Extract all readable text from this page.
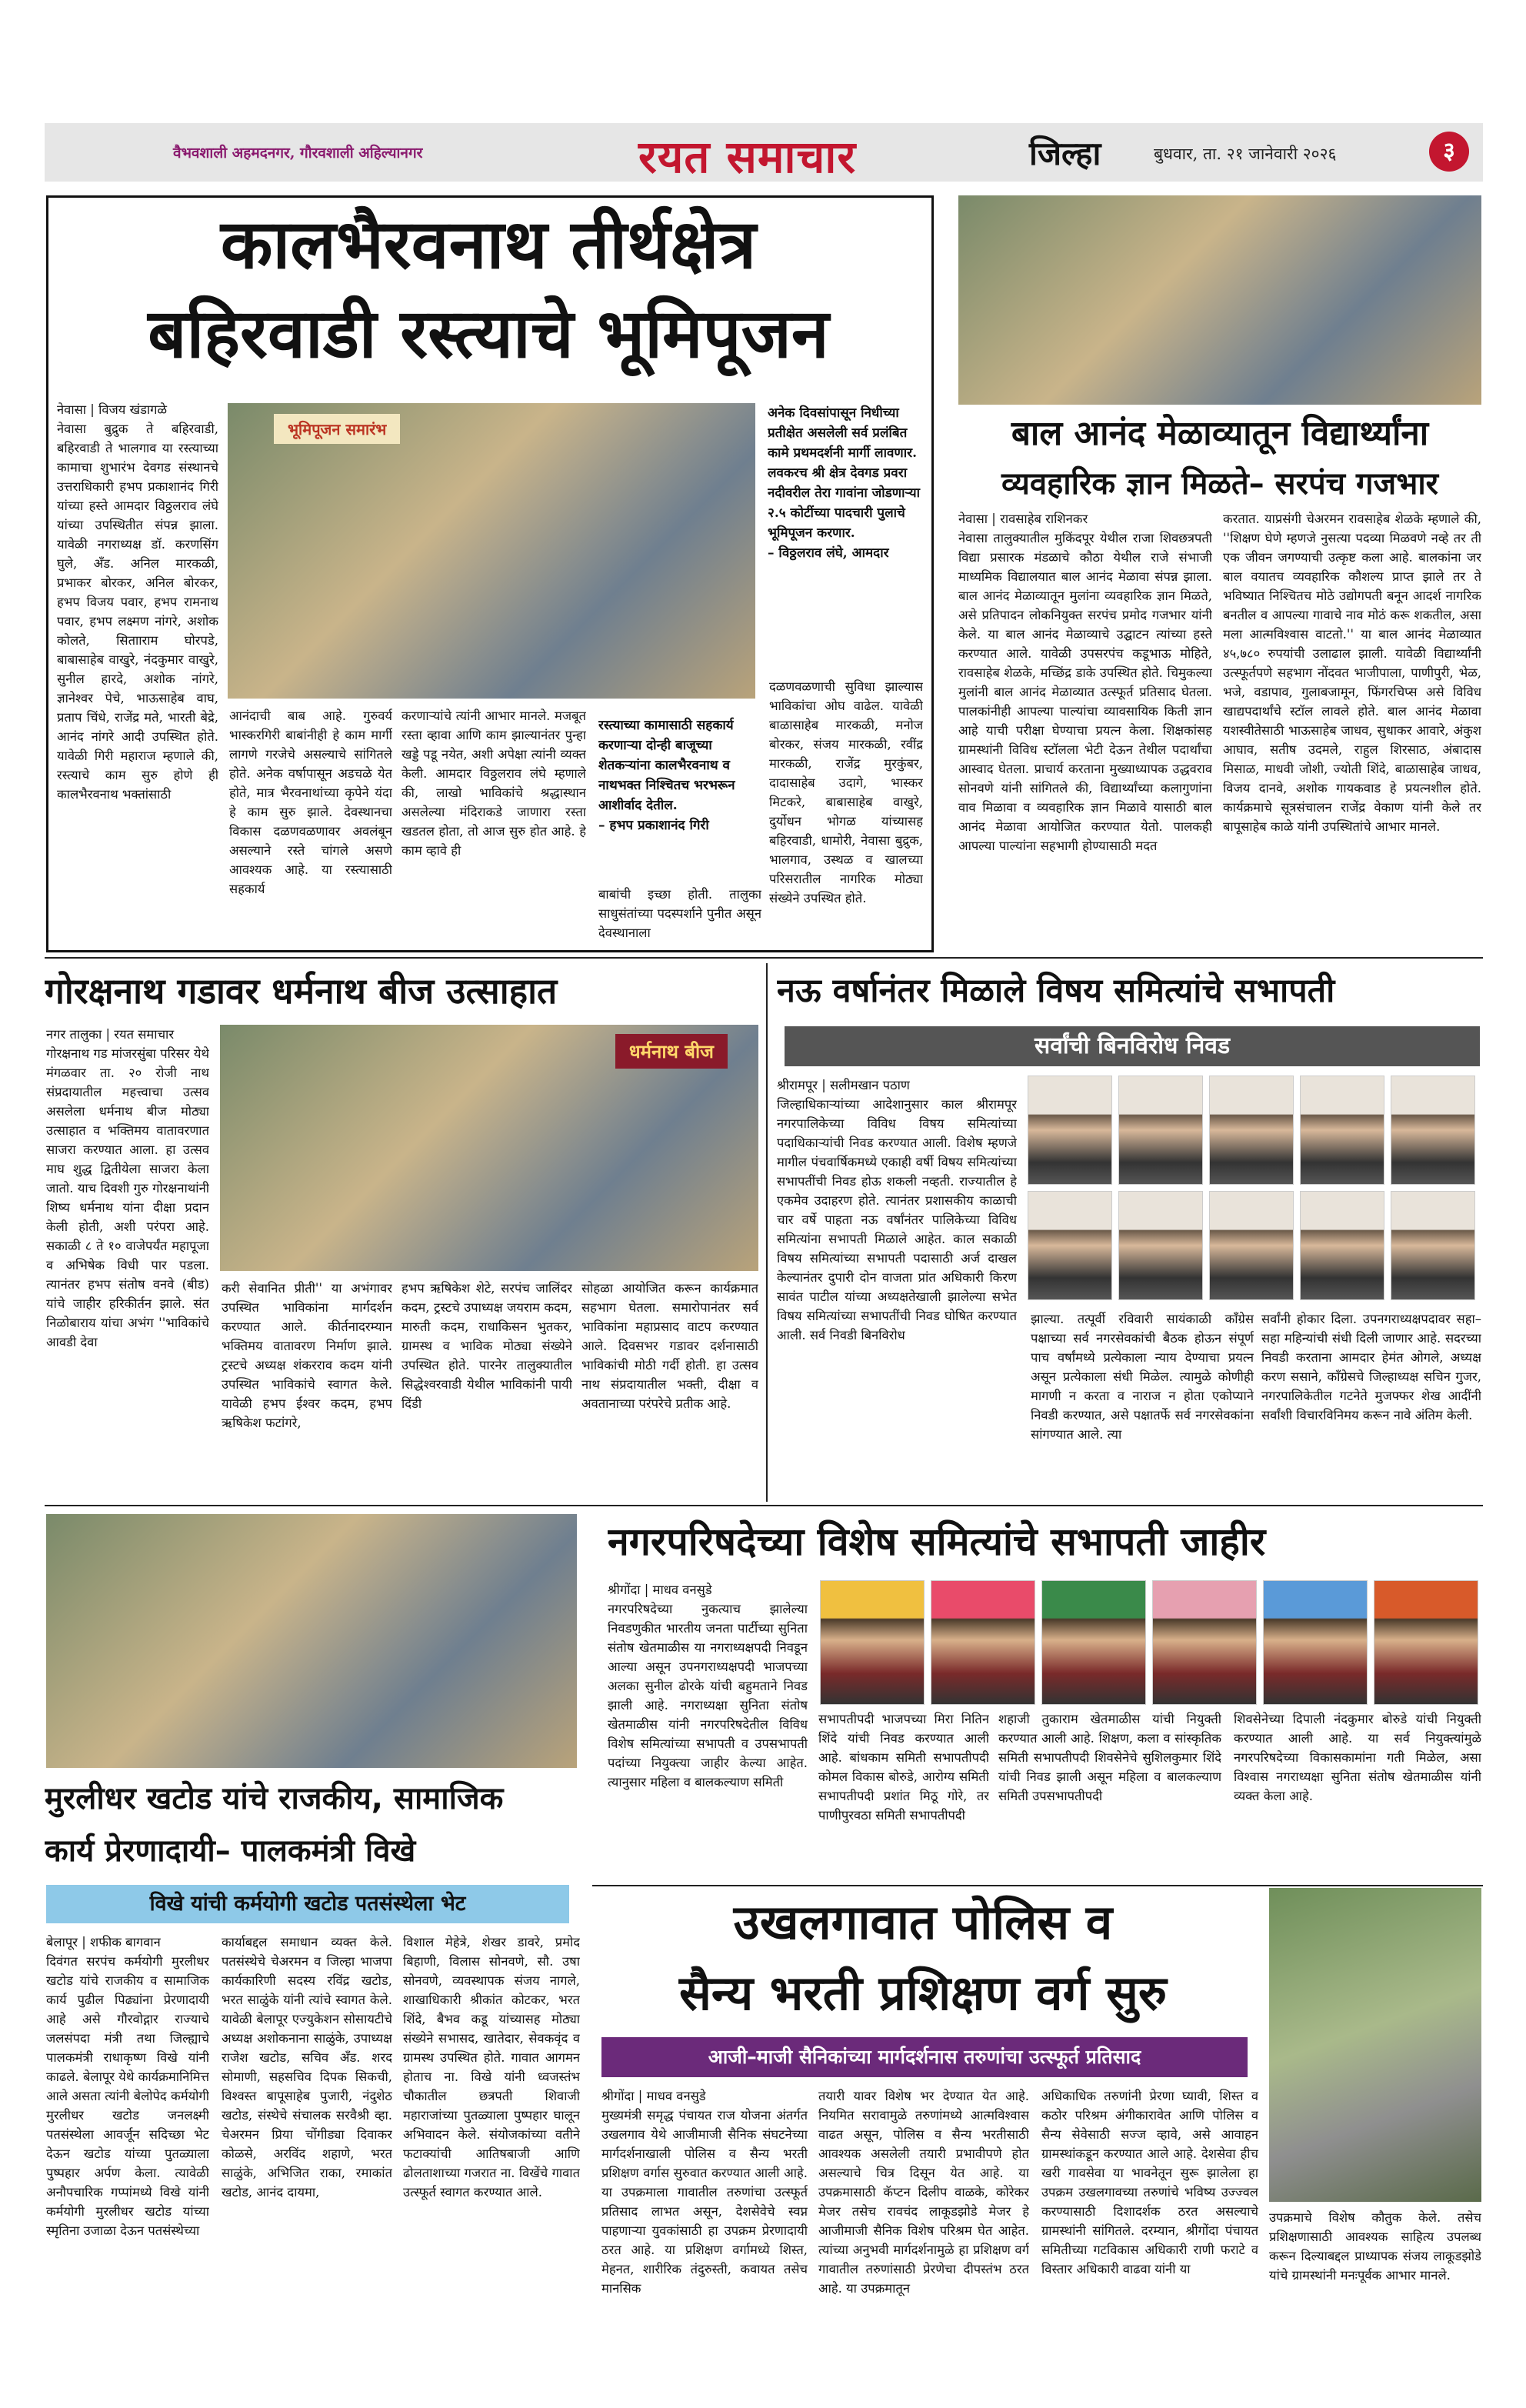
वैभवशाली अहमदनगर, गौरवशाली अहिल्यानगर	रयत समाचार	जिल्हा	बुधवार, ता. २१ जानेवारी २०२६	३
कालभैरवनाथ तीर्थक्षेत्र
बहिरवाडी रस्त्याचे भूमिपूजन
नेवासा | विजय खंडागळे
नेवासा बुद्रुक ते बहिरवाडी, बहिरवाडी ते भालगाव या रस्त्याच्या कामाचा शुभारंभ देवगड संस्थानचे उत्तराधिकारी हभप प्रकाशानंद गिरी यांच्या हस्ते आमदार विठ्ठलराव लंघे यांच्या उपस्थितीत संपन्न झाला. यावेळी नगराध्यक्ष डॉ. करणसिंग घुले, अँड. अनिल मारकळी, प्रभाकर बोरकर, अनिल बोरकर, हभप विजय पवार, हभप रामनाथ पवार, हभप लक्ष्मण नांगरे, अशोक कोलते, सितााराम घोरपडे, बाबासाहेब वाखुरे, नंदकुमार वाखुरे, सुनील हारदे, अशोक नांगरे, ज्ञानेश्वर पेचे, भाऊसाहेब वाघ, प्रताप चिंधे, राजेंद्र मते, भारती बेद्रे, आनंद नांगरे आदी उपस्थित होते. यावेळी गिरी महाराज म्हणाले की, रस्त्याचे काम सुरु होणे ही कालभैरवनाथ भक्तांसाठी
भूमिपूजन समारंभ
अनेक दिवसांपासून निधीच्या प्रतीक्षेत असलेली सर्व प्रलंबित कामे प्रथमदर्शनी मार्गी लावणार. लवकरच श्री क्षेत्र देवगड प्रवरा नदीवरील तेरा गावांना जोडणाऱ्या २.५ कोटींच्या पादचारी पुलाचे भूमिपूजन करणार.
– विठ्ठलराव लंघे, आमदार
आनंदाची बाब आहे. गुरुवर्य भास्करगिरी बाबांनीही हे काम मार्गी लागणे गरजेचे असल्याचे सांगितले होते. अनेक वर्षापासून अडचळे येत होते, मात्र भैरवनाथांच्या कृपेने यंदा हे काम सुरु झाले. देवस्थानचा विकास दळणवळणावर अवलंबून असल्याने रस्ते चांगले असणे आवश्यक आहे. या रस्त्यासाठी सहकार्य
करणाऱ्यांचे त्यांनी आभार मानले. मजबूत रस्ता व्हावा आणि काम झाल्यानंतर पुन्हा खड्डे पडू नयेत, अशी अपेक्षा त्यांनी व्यक्त केली. आमदार विठ्ठलराव लंघे म्हणाले की, लाखो भाविकांचे श्रद्धास्थान असलेल्या मंदिराकडे जाणारा रस्ता खडतल होता, तो आज सुरु होत आहे. हे काम व्हावे ही
रस्त्याच्या कामासाठी सहकार्य करणाऱ्या दोन्ही बाजूच्या शेतकऱ्यांना कालभैरवनाथ व नाथभक्त निश्चितच भरभरून आशीर्वाद देतील.
– हभप प्रकाशानंद गिरी
बाबांची इच्छा होती. तालुका साधुसंतांच्या पदस्पर्शाने पुनीत असून देवस्थानाला
दळणवळणाची सुविधा झाल्यास भाविकांचा ओघ वाढेल. यावेळी बाळासाहेब मारकळी, मनोज बोरकर, संजय मारकळी, रवींद्र मारकळी, राजेंद्र मुरकुंबर, दादासाहेब उदागे, भास्कर मिटकरे, बाबासाहेब वाखुरे, दुर्योधन भोगळ यांच्यासह बहिरवाडी, धामोरी, नेवासा बुद्रुक, भालगाव, उस्थळ व खालच्या परिसरातील नागरिक मोठ्या संख्येने उपस्थित होते.
बाल आनंद मेळाव्यातून विद्यार्थ्यांना
व्यवहारिक ज्ञान मिळते– सरपंच गजभार
नेवासा | रावसाहेब राशिनकर
नेवासा तालुक्यातील मुकिंदपूर येथील राजा शिवछत्रपती विद्या प्रसारक मंडळाचे कौठा येथील राजे संभाजी माध्यमिक विद्यालयात बाल आनंद मेळावा संपन्न झाला. बाल आनंद मेळाव्यातून मुलांना व्यवहारिक ज्ञान मिळते, असे प्रतिपादन लोकनियुक्त सरपंच प्रमोद गजभार यांनी केले. या बाल आनंद मेळाव्याचे उद्घाटन त्यांच्या हस्ते करण्यात आले. यावेळी उपसरपंच कडूभाऊ मोहिते, रावसाहेब शेळके, मच्छिंद्र डाके उपस्थित होते. चिमुकल्या मुलांनी बाल आनंद मेळाव्यात उत्स्फूर्त प्रतिसाद घेतला. पालकांनीही आपल्या पाल्यांचा व्यावसायिक किती ज्ञान आहे याची परीक्षा घेण्याचा प्रयत्न केला. शिक्षकांसह ग्रामस्थांनी विविध स्टॉलला भेटी देऊन तेथील पदार्थांचा आस्वाद घेतला. प्राचार्य करताना मुख्याध्यापक उद्धवराव सोनवणे यांनी सांगितले की, विद्यार्थ्यांच्या कलागुणांना वाव मिळावा व व्यवहारिक ज्ञान मिळावे यासाठी बाल आनंद मेळावा आयोजित करण्यात येतो. पालकही आपल्या पाल्यांना सहभागी होण्यासाठी मदत
करतात. याप्रसंगी चेअरमन रावसाहेब शेळके म्हणाले की, ''शिक्षण घेणे म्हणजे नुसत्या पदव्या मिळवणे नव्हे तर ती एक जीवन जगण्याची उत्कृष्ट कला आहे. बालकांना जर बाल वयातच व्यवहारिक कौशल्य प्राप्त झाले तर ते भविष्यात निश्चितच मोठे उद्योगपती बनून आदर्श नागरिक बनतील व आपल्या गावाचे नाव मोठं करू शकतील, असा मला आत्मविश्वास वाटतो.'' या बाल आनंद मेळाव्यात ४५,७८० रुपयांची उलाढाल झाली. यावेळी विद्यार्थ्यांनी उत्स्फूर्तपणे सहभाग नोंदवत भाजीपाला, पाणीपुरी, भेळ, भजे, वडापाव, गुलाबजामून, फिंगरचिप्स असे विविध खाद्यपदार्थांचे स्टॉल लावले होते. बाल आनंद मेळावा यशस्वीतेसाठी भाऊसाहेब जाधव, सुधाकर आवारे, अंकुश आघाव, सतीष उदमले, राहुल शिरसाठ, अंबादास मिसाळ, माधवी जोशी, ज्योती शिंदे, बाळासाहेब जाधव, विजय दानवे, अशोक गायकवाड हे प्रयत्नशील होते. कार्यक्रमाचे सूत्रसंचालन राजेंद्र वेकाण यांनी केले तर बापूसाहेब काळे यांनी उपस्थितांचे आभार मानले.
गोरक्षनाथ गडावर धर्मनाथ बीज उत्साहात
नगर तालुका | रयत समाचार
गोरक्षनाथ गड मांजरसुंबा परिसर येथे मंगळवार ता. २० रोजी नाथ संप्रदायातील महत्त्वाचा उत्सव असलेला धर्मनाथ बीज मोठ्या उत्साहात व भक्तिमय वातावरणात साजरा करण्यात आला. हा उत्सव माघ शुद्ध द्वितीयेला साजरा केला जातो. याच दिवशी गुरु गोरक्षनाथांनी शिष्य धर्मनाथ यांना दीक्षा प्रदान केली होती, अशी परंपरा आहे. सकाळी ८ ते १० वाजेपर्यंत महापूजा व अभिषेक विधी पार पडला. त्यानंतर हभप संतोष वनवे (बीड) यांचे जाहीर हरिकीर्तन झाले. संत निळोबाराय यांचा अभंग ''भाविकांचे आवडी देवा
धर्मनाथ बीज
करी सेवानित प्रीती'' या अभंगावर उपस्थित भाविकांना मार्गदर्शन करण्यात आले. कीर्तनादरम्यान भक्तिमय वातावरण निर्माण झाले. ट्रस्टचे अध्यक्ष शंकरराव कदम यांनी उपस्थित भाविकांचे स्वागत केले. यावेळी हभप ईश्वर कदम, हभप ऋषिकेश फटांगरे,
हभप ऋषिकेश शेटे, सरपंच जालिंदर कदम, ट्रस्टचे उपाध्यक्ष जयराम कदम, मारुती कदम, राधाकिसन भुतकर, ग्रामस्थ व भाविक मोठ्या संख्येने उपस्थित होते. पारनेर तालुक्यातील सिद्धेश्वरवाडी येथील भाविकांनी पायी दिंडी
सोहळा आयोजित करून कार्यक्रमात सहभाग घेतला. समारोपानंतर सर्व भाविकांना महाप्रसाद वाटप करण्यात आले. दिवसभर गडावर दर्शनासाठी भाविकांची मोठी गर्दी होती. हा उत्सव नाथ संप्रदायातील भक्ती, दीक्षा व अवतानाच्या परंपरेचे प्रतीक आहे.
नऊ वर्षानंतर मिळाले विषय समित्यांचे सभापती
सर्वांची बिनविरोध निवड
श्रीरामपूर | सलीमखान पठाण
जिल्हाधिकाऱ्यांच्या आदेशानुसार काल श्रीरामपूर नगरपालिकेच्या विविध विषय समित्यांच्या पदाधिकाऱ्यांची निवड करण्यात आली. विशेष म्हणजे मागील पंचवार्षिकमध्ये एकाही वर्षी विषय समित्यांच्या सभापतींची निवड होऊ शकली नव्हती. राज्यातील हे एकमेव उदाहरण होते. त्यानंतर प्रशासकीय काळाची चार वर्षे पाहता नऊ वर्षांनंतर पालिकेच्या विविध समित्यांना सभापती मिळाले आहेत. काल सकाळी विषय समित्यांच्या सभापती पदासाठी अर्ज दाखल केल्यानंतर दुपारी दोन वाजता प्रांत अधिकारी किरण सावंत पाटील यांच्या अध्यक्षतेखाली झालेल्या सभेत विषय समित्यांच्या सभापतींची निवड घोषित करण्यात आली. सर्व निवडी बिनविरोध
झाल्या. तत्पूर्वी रविवारी सायंकाळी काँग्रेस पक्षाच्या सर्व नगरसेवकांची बैठक होऊन संपूर्ण पाच वर्षांमध्ये प्रत्येकाला न्याय देण्याचा प्रयत्न असून प्रत्येकाला संधी मिळेल. त्यामुळे कोणीही मागणी न करता व नाराज न होता एकोप्याने निवडी करण्यात, असे पक्षातर्फे सर्व नगरसेवकांना सांगण्यात आले. त्या
सर्वांनी होकार दिला. उपनगराध्यक्षपदावर सहा–सहा महिन्यांची संधी दिली जाणार आहे. सदरच्या निवडी करताना आमदार हेमंत ओगले, अध्यक्ष करण ससाने, काँग्रेसचे जिल्हाध्यक्ष सचिन गुजर, नगरपालिकेतील गटनेते मुजफ्फर शेख आदींनी सर्वांशी विचारविनिमय करून नावे अंतिम केली.
मुरलीधर खटोड यांचे राजकीय, सामाजिक
कार्य प्रेरणादायी– पालकमंत्री विखे
विखे यांची कर्मयोगी खटोड पतसंस्थेला भेट
बेलापूर | शफीक बागवान
दिवंगत सरपंच कर्मयोगी मुरलीधर खटोड यांचे राजकीय व सामाजिक कार्य पुढील पिढ्यांना प्रेरणादायी आहे असे गौरवोद्गार राज्याचे जलसंपदा मंत्री तथा जिल्ह्याचे पालकमंत्री राधाकृष्ण विखे यांनी काढले. बेलापूर येथे कार्यक्रमानिमित्त आले असता त्यांनी बेलोपेद कर्मयोगी मुरलीधर खटोड जनलक्ष्मी पतसंस्थेला आवर्जून सदिच्छा भेट देऊन खटोड यांच्या पुतळ्याला पुष्पहार अर्पण केला. त्यावेळी अनौपचारिक गप्पांमध्ये विखे यांनी कर्मयोगी मुरलीधर खटोड यांच्या स्मृतिना उजाळा देऊन पतसंस्थेच्या
कार्याबद्दल समाधान व्यक्त केले. पतसंस्थेचे चेअरमन व जिल्हा भाजपा कार्यकारिणी सदस्य रविंद्र खटोड, भरत साळुंके यांनी त्यांचे स्वागत केले. यावेळी बेलापूर एज्युकेशन सोसायटीचे अध्यक्ष अशोकनाना साळुंके, उपाध्यक्ष राजेश खटोड, सचिव अँड. शरद सोमाणी, सहसचिव दिपक सिकची, विश्वस्त बापूसाहेब पुजारी, नंदुशेठ खटोड, संस्थेचे संचालक सरवैश्री व्हा. चेअरमन प्रिया चोंगीड्या दिवाकर कोळसे, अरविंद शहाणे, भरत साळुंके, अभिजित राका, रमाकांत खटोड, आनंद दायमा,
विशाल मेहेत्रे, शेखर डावरे, प्रमोद बिहाणी, विलास सोनवणे, सौ. उषा सोनवणे, व्यवस्थापक संजय नागले, शाखाधिकारी श्रीकांत कोटकर, भरत शिंदे, बैभव कडू यांच्यासह मोठ्या संख्येने सभासद, खातेदार, सेवकवृंद व ग्रामस्थ उपस्थित होते. गावात आगमन होताच ना. विखे यांनी ध्वजस्तंभ चौकातील छत्रपती शिवाजी महाराजांच्या पुतळ्याला पुष्पहार घालून अभिवादन केले. संयोजकांच्या वतीने फटाक्यांची आतिषबाजी आणि ढोलताशाच्या गजरात ना. विखेंचे गावात उत्स्फूर्त स्वागत करण्यात आले.
नगरपरिषदेच्या विशेष समित्यांचे सभापती जाहीर
श्रीगोंदा | माधव वनसुडे
नगरपरिषदेच्या नुकत्याच झालेल्या निवडणुकीत भारतीय जनता पार्टीच्या सुनिता संतोष खेतमाळीस या नगराध्यक्षपदी निवडून आल्या असून उपनगराध्यक्षपदी भाजपच्या अलका सुनील ढोरके यांची बहुमताने निवड झाली आहे. नगराध्यक्षा सुनिता संतोष खेतमाळीस यांनी नगरपरिषदेतील विविध विशेष समित्यांच्या सभापती व उपसभापती पदांच्या नियुक्त्या जाहीर केल्या आहेत. त्यानुसार महिला व बालकल्याण समिती
सभापतीपदी भाजपच्या मिरा नितिन शिंदे यांची निवड करण्यात आली आहे. बांधकाम समिती सभापतीपदी कोमल विकास बोरुडे, आरोग्य समिती सभापतीपदी प्रशांत मिठू गोरे, तर पाणीपुरवठा समिती सभापतीपदी
शहाजी तुकाराम खेतमाळीस यांची नियुक्ती करण्यात आली आहे. शिक्षण, कला व सांस्कृतिक समिती सभापतीपदी शिवसेनेचे सुशिलकुमार शिंदे यांची निवड झाली असून महिला व बालकल्याण समिती उपसभापतीपदी
शिवसेनेच्या दिपाली नंदकुमार बोरुडे यांची नियुक्ती करण्यात आली आहे. या सर्व नियुक्त्यांमुळे नगरपरिषदेच्या विकासकामांना गती मिळेल, असा विश्वास नगराध्यक्षा सुनिता संतोष खेतमाळीस यांनी व्यक्त केला आहे.
उखलगावात पोलिस व
सैन्य भरती प्रशिक्षण वर्ग सुरु
आजी–माजी सैनिकांच्या मार्गदर्शनास तरुणांचा उत्स्फूर्त प्रतिसाद
श्रीगोंदा | माधव वनसुडे
मुख्यमंत्री समृद्ध पंचायत राज योजना अंतर्गत उखलगाव येथे आजीमाजी सैनिक संघटनेच्या मार्गदर्शनाखाली पोलिस व सैन्य भरती प्रशिक्षण वर्गास सुरुवात करण्यात आली आहे. या उपक्रमाला गावातील तरुणांचा उत्स्फूर्त प्रतिसाद लाभत असून, देशसेवेचे स्वप्न पाहणाऱ्या युवकांसाठी हा उपक्रम प्रेरणादायी ठरत आहे. या प्रशिक्षण वर्गामध्ये शिस्त, मेहनत, शारीरिक तंदुरुस्ती, कवायत तसेच मानसिक
तयारी यावर विशेष भर देण्यात येत आहे. नियमित सरावामुळे तरुणांमध्ये आत्मविश्वास वाढत असून, पोलिस व सैन्य भरतीसाठी आवश्यक असलेली तयारी प्रभावीपणे होत असल्याचे चित्र दिसून येत आहे. या उपक्रमासाठी कॅप्टन दिलीप वाळके, कोरेकर मेजर तसेच रावचंद लाकूडझोडे मेजर हे आजीमाजी सैनिक विशेष परिश्रम घेत आहेत. त्यांच्या अनुभवी मार्गदर्शनामुळे हा प्रशिक्षण वर्ग गावातील तरुणांसाठी प्रेरणेचा दीपस्तंभ ठरत आहे. या उपक्रमातून
अधिकाधिक तरुणांनी प्रेरणा घ्यावी, शिस्त व कठोर परिश्रम अंगीकारावेत आणि पोलिस व सैन्य सेवेसाठी सज्ज व्हावे, असे आवाहन ग्रामस्थांकडून करण्यात आले आहे. देशसेवा हीच खरी गावसेवा या भावनेतून सुरू झालेला हा उपक्रम उखलगावच्या तरुणांचे भविष्य उज्ज्वल करण्यासाठी दिशादर्शक ठरत असल्याचे ग्रामस्थांनी सांगितले. दरम्यान, श्रीगोंदा पंचायत समितीच्या गटविकास अधिकारी राणी फराटे व विस्तार अधिकारी वाढवा यांनी या
उपक्रमाचे विशेष कौतुक केले. तसेच प्रशिक्षणासाठी आवश्यक साहित्य उपलब्ध करून दिल्याबद्दल प्राध्यापक संजय लाकूडझोडे यांचे ग्रामस्थांनी मनःपूर्वक आभार मानले.
